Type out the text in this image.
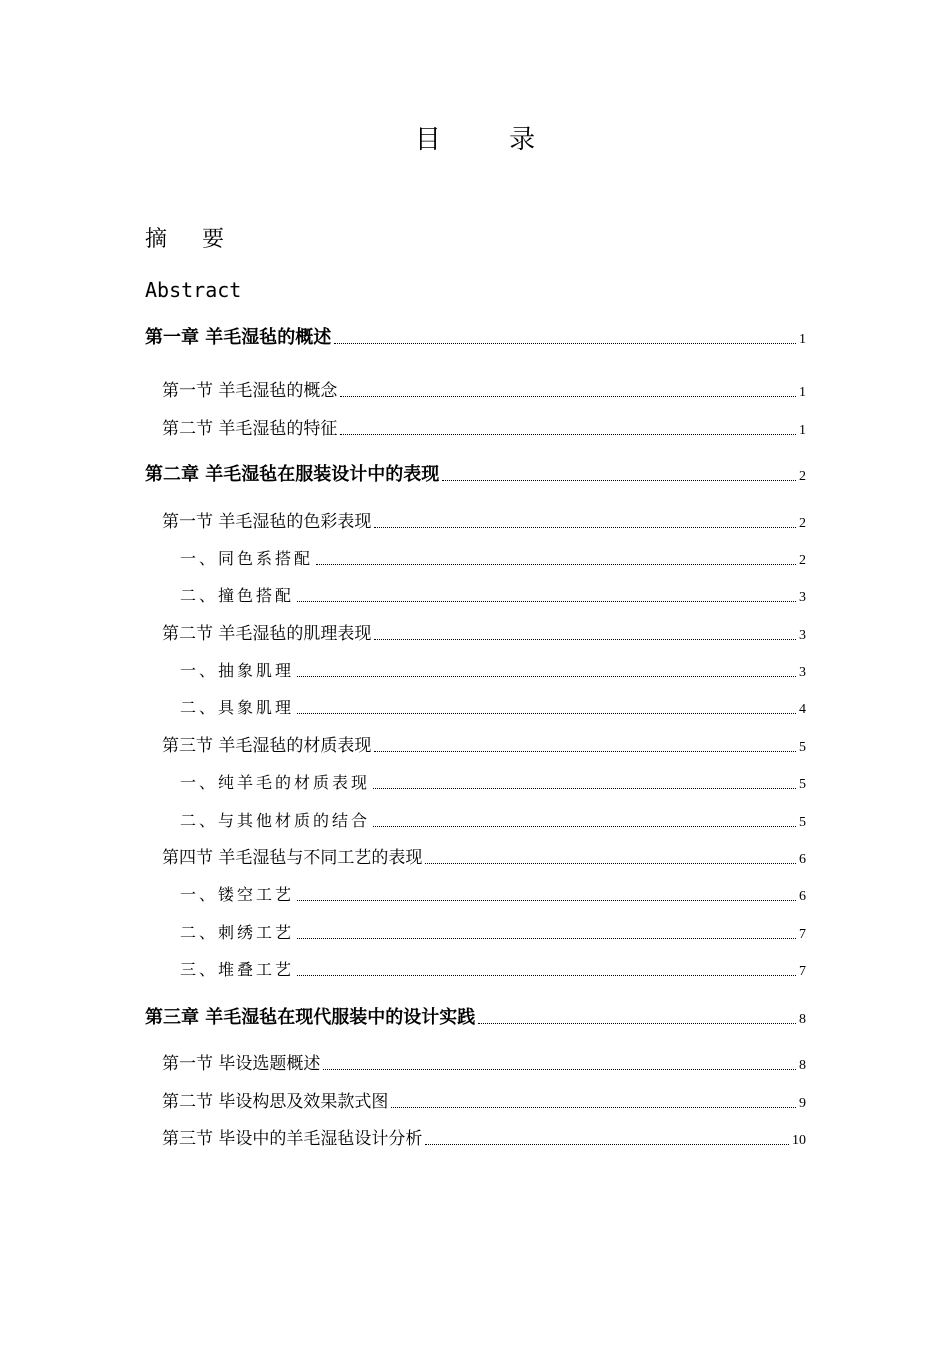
目 录
摘 要
Abstract
第一章 羊毛湿毡的概述	1
第一节 羊毛湿毡的概念	1
第二节 羊毛湿毡的特征	1
第二章 羊毛湿毡在服装设计中的表现	2
第一节 羊毛湿毡的色彩表现	2
一、同色系搭配	2
二、撞色搭配	3
第二节 羊毛湿毡的肌理表现	3
一、抽象肌理	3
二、具象肌理	4
第三节 羊毛湿毡的材质表现	5
一、纯羊毛的材质表现	5
二、与其他材质的结合	5
第四节 羊毛湿毡与不同工艺的表现	6
一、镂空工艺	6
二、刺绣工艺	7
三、堆叠工艺	7
第三章 羊毛湿毡在现代服装中的设计实践	8
第一节 毕设选题概述	8
第二节 毕设构思及效果款式图	9
第三节 毕设中的羊毛湿毡设计分析	10
